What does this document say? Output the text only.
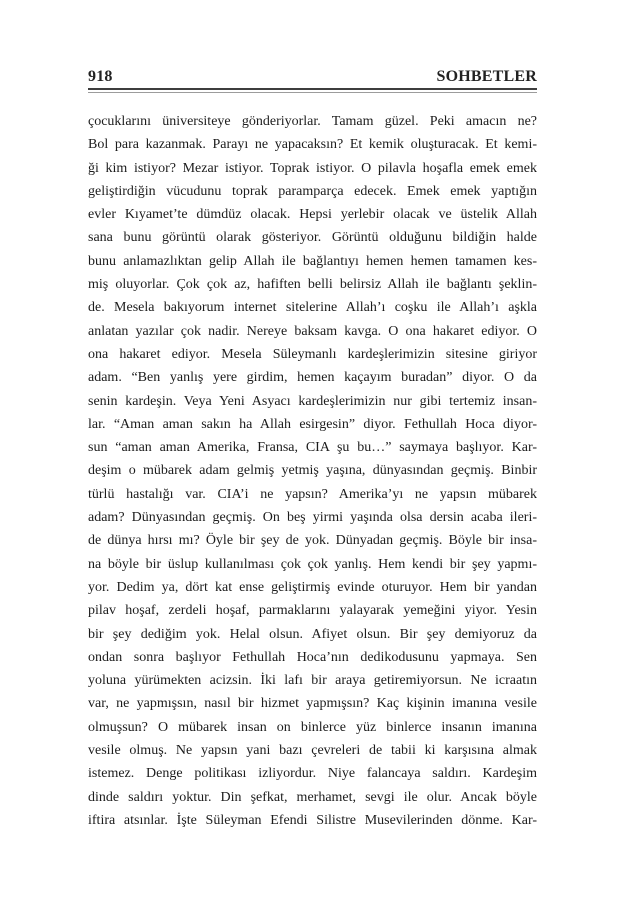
918	SOHBETLER
çocuklarını üniversiteye gönderiyorlar. Tamam güzel. Peki amacın ne?
Bol para kazanmak. Parayı ne yapacaksın? Et kemik oluşturacak. Et kemi-
ği kim istiyor? Mezar istiyor. Toprak istiyor. O pilavla hoşafla emek emek
geliştirdiğin vücudunu toprak paramparça edecek. Emek emek yaptığın
evler Kıyamet’te dümdüz olacak. Hepsi yerlebir olacak ve üstelik Allah
sana bunu görüntü olarak gösteriyor. Görüntü olduğunu bildiğin halde
bunu anlamazlıktan gelip Allah ile bağlantıyı hemen hemen tamamen kes-
miş oluyorlar. Çok çok az, hafiften belli belirsiz Allah ile bağlantı şeklin-
de. Mesela bakıyorum internet sitelerine Allah’ı coşku ile Allah’ı aşkla
anlatan yazılar çok nadir. Nereye baksam kavga. O ona hakaret ediyor. O
ona hakaret ediyor. Mesela Süleymanlı kardeşlerimizin sitesine giriyor
adam. “Ben yanlış yere girdim, hemen kaçayım buradan” diyor. O da
senin kardeşin. Veya Yeni Asyacı kardeşlerimizin nur gibi tertemiz insan-
lar. “Aman aman sakın ha Allah esirgesin” diyor. Fethullah Hoca diyor-
sun “aman aman Amerika, Fransa, CIA şu bu…” saymaya başlıyor. Kar-
deşim o mübarek adam gelmiş yetmiş yaşına, dünyasından geçmiş. Binbir
türlü hastalığı var. CIA’i ne yapsın? Amerika’yı ne yapsın mübarek
adam? Dünyasından geçmiş. On beş yirmi yaşında olsa dersin acaba ileri-
de dünya hırsı mı? Öyle bir şey de yok. Dünyadan geçmiş. Böyle bir insa-
na böyle bir üslup kullanılması çok çok yanlış. Hem kendi bir şey yapmı-
yor. Dedim ya, dört kat ense geliştirmiş evinde oturuyor. Hem bir yandan
pilav hoşaf, zerdeli hoşaf, parmaklarını yalayarak yemeğini yiyor. Yesin
bir şey dediğim yok. Helal olsun. Afiyet olsun. Bir şey demiyoruz da
ondan sonra başlıyor Fethullah Hoca’nın dedikodusunu yapmaya. Sen
yoluna yürümekten acizsin. İki lafı bir araya getiremiyorsun. Ne icraatın
var, ne yapmışsın, nasıl bir hizmet yapmışsın? Kaç kişinin imanına vesile
olmuşsun? O mübarek insan on binlerce yüz binlerce insanın imanına
vesile olmuş. Ne yapsın yani bazı çevreleri de tabii ki karşısına almak
istemez. Denge politikası izliyordur. Niye falancaya saldırı. Kardeşim
dinde saldırı yoktur. Din şefkat, merhamet, sevgi ile olur. Ancak böyle
iftira atsınlar. İşte Süleyman Efendi Silistre Musevilerinden dönme. Kar-
